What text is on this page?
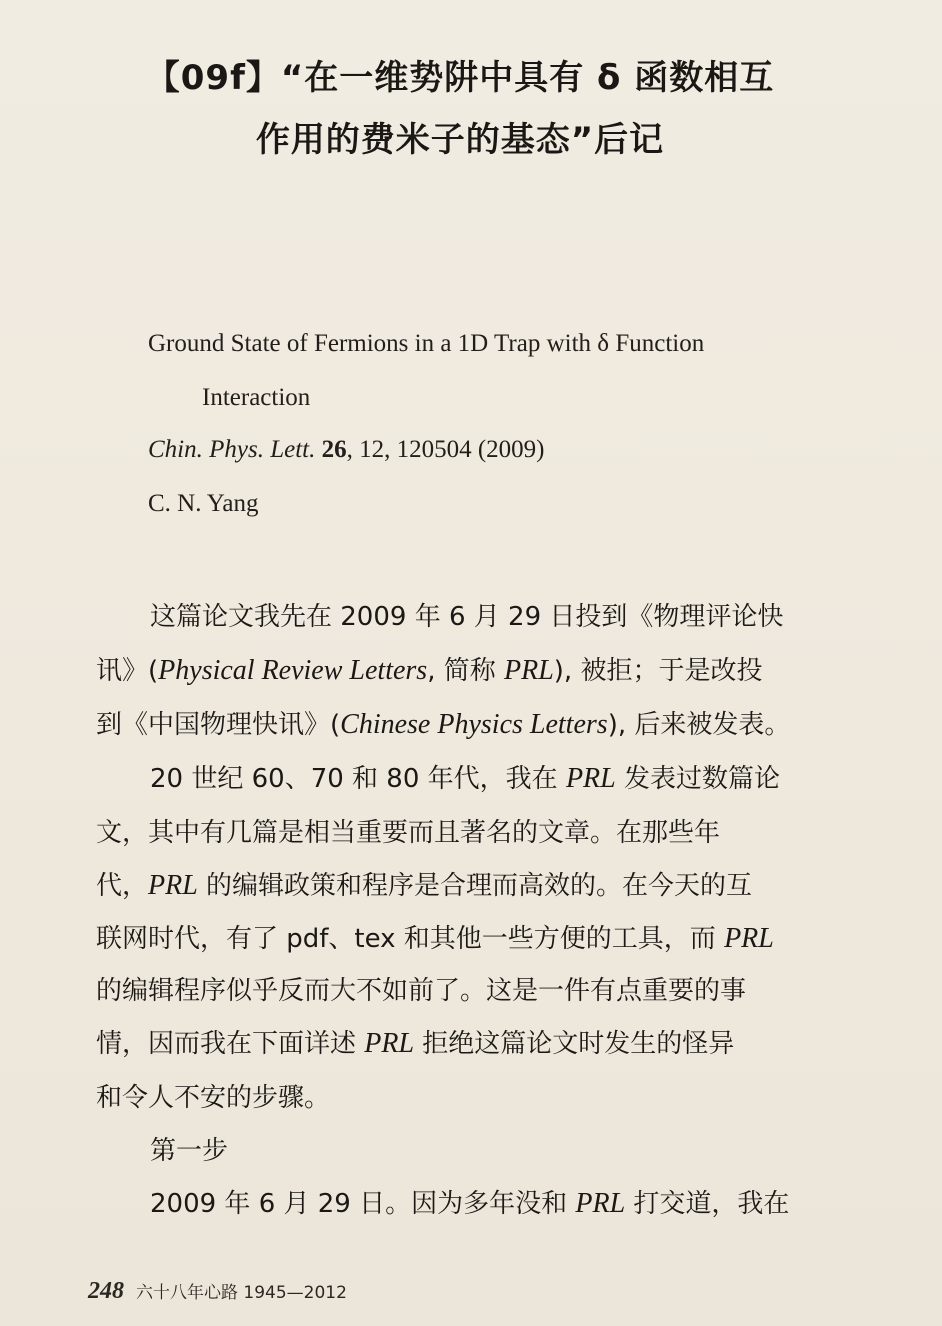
【09f】“在一维势阱中具有 δ 函数相互
作用的费米子的基态”后记
Ground State of Fermions in a 1D Trap with δ Function
Interaction
Chin. Phys. Lett. 26, 12, 120504 (2009)
C. N. Yang
这篇论文我先在 2009 年 6 月 29 日投到《物理评论快
讯》(Physical Review Letters, 简称 PRL), 被拒；于是改投
到《中国物理快讯》(Chinese Physics Letters), 后来被发表。
20 世纪 60、70 和 80 年代，我在 PRL 发表过数篇论
文，其中有几篇是相当重要而且著名的文章。在那些年
代，PRL 的编辑政策和程序是合理而高效的。在今天的互
联网时代，有了 pdf、tex 和其他一些方便的工具，而 PRL
的编辑程序似乎反而大不如前了。这是一件有点重要的事
情，因而我在下面详述 PRL 拒绝这篇论文时发生的怪异
和令人不安的步骤。
第一步
2009 年 6 月 29 日。因为多年没和 PRL 打交道，我在
248 六十八年心路 1945—2012
